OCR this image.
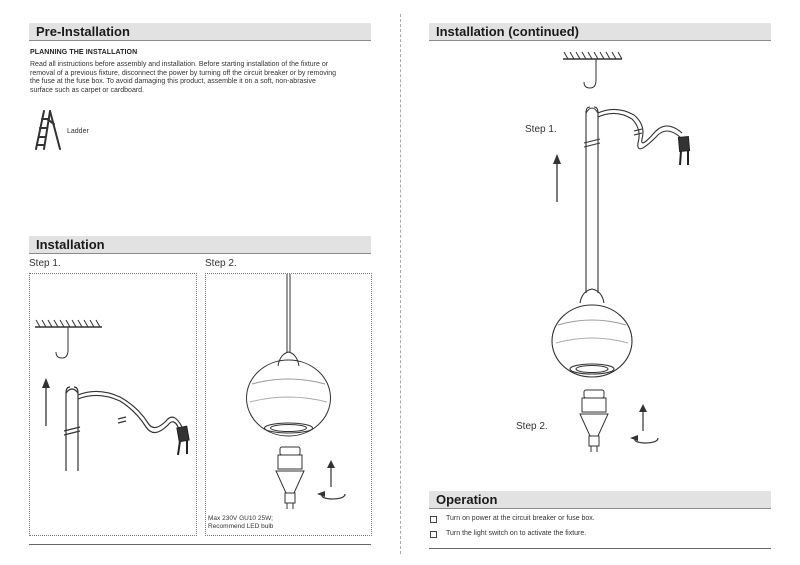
Pre-Installation
PLANNING THE INSTALLATION
Read all instructions before assembly and installation. Before starting installation of the fixture or
removal of a previous fixture, disconnect the power by turning off the circuit breaker or by removing
the fuse at the fuse box. To avoid damaging this product, assemble it on a soft, non-abrasive
surface such as carpet or cardboard.
Ladder
Installation
Step 1.	Step 2.
Max 230V GU10 25W;
Recommend LED bulb
Installation (continued)
Step 1.
Step 2.
Operation
Turn on power at the circuit breaker or fuse box.
Turn the light switch on to activate the fixture.
